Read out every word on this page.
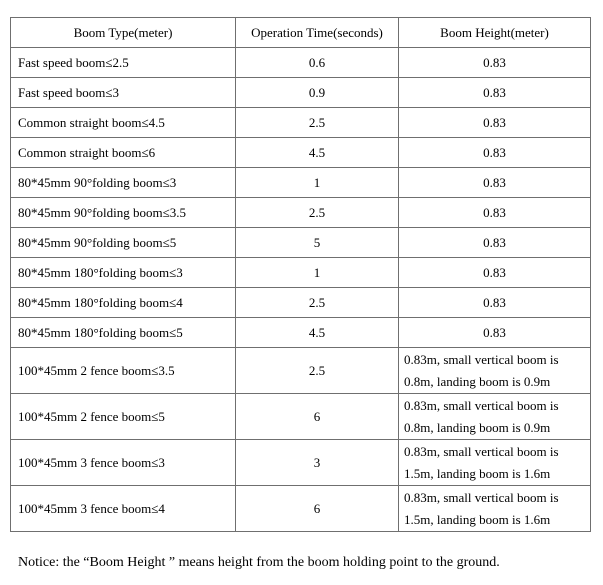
Boom Type(meter)	Operation Time(seconds)	Boom Height(meter)
Fast speed boom≤2.5	0.6	0.83
Fast speed boom≤3	0.9	0.83
Common straight boom≤4.5	2.5	0.83
Common straight boom≤6	4.5	0.83
80*45mm 90°folding boom≤3	1	0.83
80*45mm 90°folding boom≤3.5	2.5	0.83
80*45mm 90°folding boom≤5	5	0.83
80*45mm 180°folding boom≤3	1	0.83
80*45mm 180°folding boom≤4	2.5	0.83
80*45mm 180°folding boom≤5	4.5	0.83
100*45mm 2 fence boom≤3.5	2.5	0.83m, small vertical boom is 0.8m, landing boom is 0.9m
100*45mm 2 fence boom≤5	6	0.83m, small vertical boom is 0.8m, landing boom is 0.9m
100*45mm 3 fence boom≤3	3	0.83m, small vertical boom is 1.5m, landing boom is 1.6m
100*45mm 3 fence boom≤4	6	0.83m, small vertical boom is 1.5m, landing boom is 1.6m
Notice: the “Boom Height ” means height from the boom holding point to the ground.
